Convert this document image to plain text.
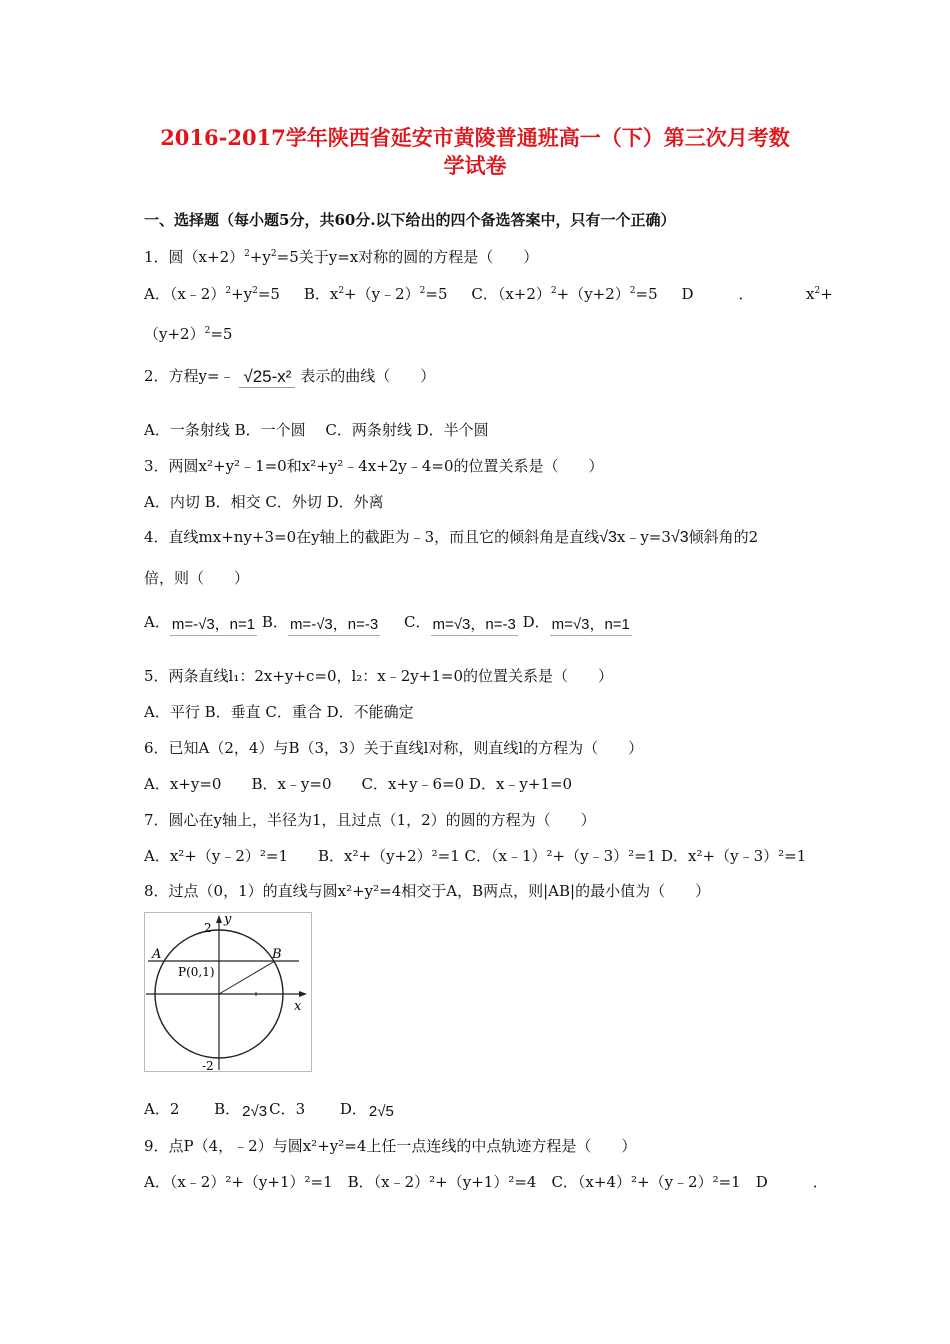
2016-2017学年陕西省延安市黄陵普通班高一（下）第三次月考数
学试卷
一、选择题（每小题5分，共60分.以下给出的四个备选答案中，只有一个正确）
1．圆$(x+2)^2+y^2=5$关于y=x对称的圆的方程是（　　）
A．$(x﹣2)^2+y^2=5$ B．$x^2+(y﹣2)^2=5$ C．$(x+2)^2+(y+2)^2=5$ D　　　．　　　　$x^2+$
$(y+2)^2=5$
2．方程y=﹣ √25-x² 表示的曲线（　　）
A．一条射线 B．一个圆　 C．两条射线 D．半个圆
3．两圆x²+y²﹣1=0和x²+y²﹣4x+2y﹣4=0的位置关系是（　　）
A．内切 B．相交 C．外切 D．外离
4．直线mx+ny+3=0在y轴上的截距为﹣3，而且它的倾斜角是直线√3x﹣y=3√3倾斜角的2
倍，则（　　）
A． m=-√3，n=1 B． m=-√3，n=-3 C． m=√3，n=-3 D． m=√3，n=1
5．两条直线l₁：2x+y+c=0，l₂：x﹣2y+1=0的位置关系是（　　）
A．平行 B．垂直 C．重合 D．不能确定
6．已知A（2，4）与B（3，3）关于直线l对称，则直线l的方程为（　　）
A．x+y=0　　B．x﹣y=0　　C．x+y﹣6=0 D．x﹣y+1=0
7．圆心在y轴上，半径为1，且过点（1，2）的圆的方程为（　　）
A．x²+（y﹣2）²=1　　B．x²+（y+2）²=1 C．（x﹣1）²+（y﹣3）²=1 D．x²+（y﹣3）²=1
8．过点（0，1）的直线与圆x²+y²=4相交于A，B两点，则|AB|的最小值为（　　）
y
2
x
A	B
P(0,1)
-2
A．2　　 B． 2√3 C．3　　 D． 2√5
9．点P（4，﹣2）与圆x²+y²=4上任一点连线的中点轨迹方程是（　　）
A．（x﹣2）²+（y+1）²=1　B．（x﹣2）²+（y+1）²=4　C．（x+4）²+（y﹣2）²=1　D　　　．
